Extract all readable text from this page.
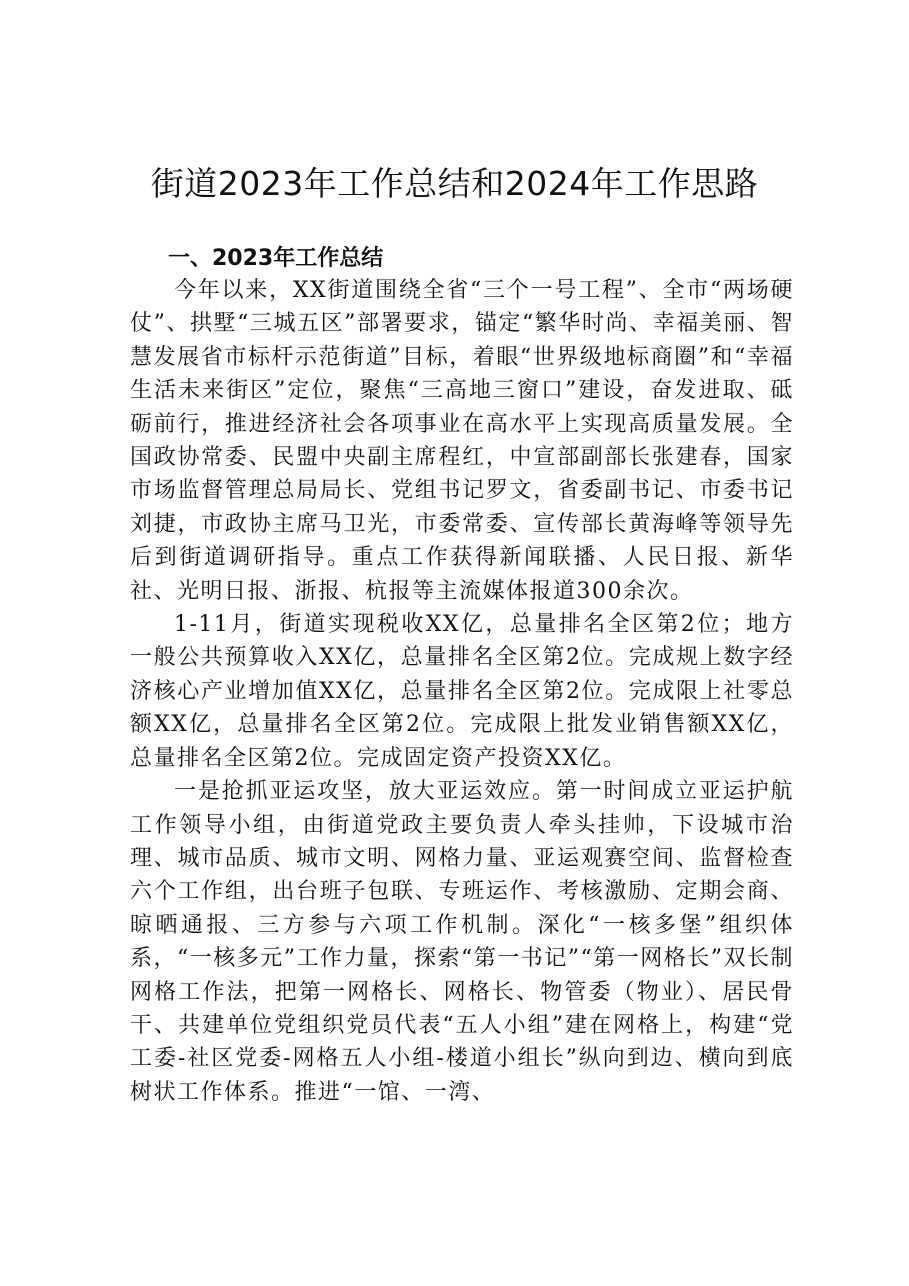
街道2023年工作总结和2024年工作思路
一、2023年工作总结

今年以来，XX街道围绕全省“三个一号工程”、全市“两场硬仗”、拱墅“三城五区”部署要求，锚定“繁华时尚、幸福美丽、智慧发展省市标杆示范街道”目标，着眼“世界级地标商圈”和“幸福生活未来街区”定位，聚焦“三高地三窗口”建设，奋发进取、砥砺前行，推进经济社会各项事业在高水平上实现高质量发展。全国政协常委、民盟中央副主席程红，中宣部副部长张建春，国家市场监督管理总局局长、党组书记罗文，省委副书记、市委书记刘捷，市政协主席马卫光，市委常委、宣传部长黄海峰等领导先后到街道调研指导。重点工作获得新闻联播、人民日报、新华社、光明日报、浙报、杭报等主流媒体报道300余次。

1-11月，街道实现税收XX亿，总量排名全区第2位；地方一般公共预算收入XX亿，总量排名全区第2位。完成规上数字经济核心产业增加值XX亿，总量排名全区第2位。完成限上社零总额XX亿，总量排名全区第2位。完成限上批发业销售额XX亿，总量排名全区第2位。完成固定资产投资XX亿。

一是抢抓亚运攻坚，放大亚运效应。第一时间成立亚运护航工作领导小组，由街道党政主要负责人牵头挂帅，下设城市治理、城市品质、城市文明、网格力量、亚运观赛空间、监督检查六个工作组，出台班子包联、专班运作、考核激励、定期会商、晾晒通报、三方参与六项工作机制。深化“一核多堡”组织体系，“一核多元”工作力量，探索“第一书记”“第一网格长”双长制网格工作法，把第一网格长、网格长、物管委（物业）、居民骨干、共建单位党组织党员代表“五人小组”建在网格上，构建“党工委-社区党委-网格五人小组-楼道小组长”纵向到边、横向到底树状工作体系。推进“一馆、一湾、
